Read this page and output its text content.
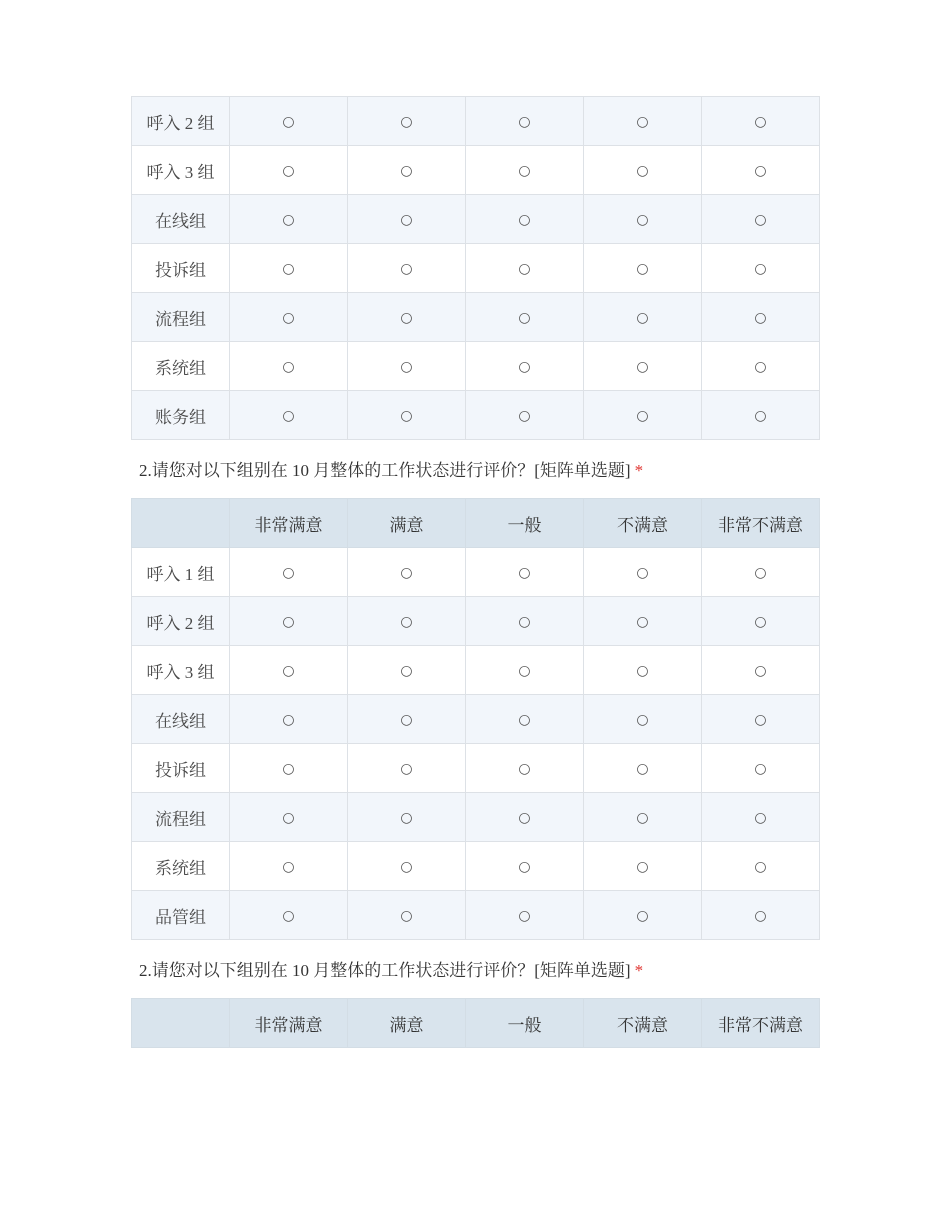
呼入 2 组	○	○	○	○	○
呼入 3 组	○	○	○	○	○
在线组	○	○	○	○	○
投诉组	○	○	○	○	○
流程组	○	○	○	○	○
系统组	○	○	○	○	○
账务组	○	○	○	○	○
2.请您对以下组别在 10 月整体的工作状态进行评价？[矩阵单选题] *
	非常满意	满意	一般	不满意	非常不满意
呼入 1 组	○	○	○	○	○
呼入 2 组	○	○	○	○	○
呼入 3 组	○	○	○	○	○
在线组	○	○	○	○	○
投诉组	○	○	○	○	○
流程组	○	○	○	○	○
系统组	○	○	○	○	○
品管组	○	○	○	○	○
2.请您对以下组别在 10 月整体的工作状态进行评价？[矩阵单选题] *
	非常满意	满意	一般	不满意	非常不满意
